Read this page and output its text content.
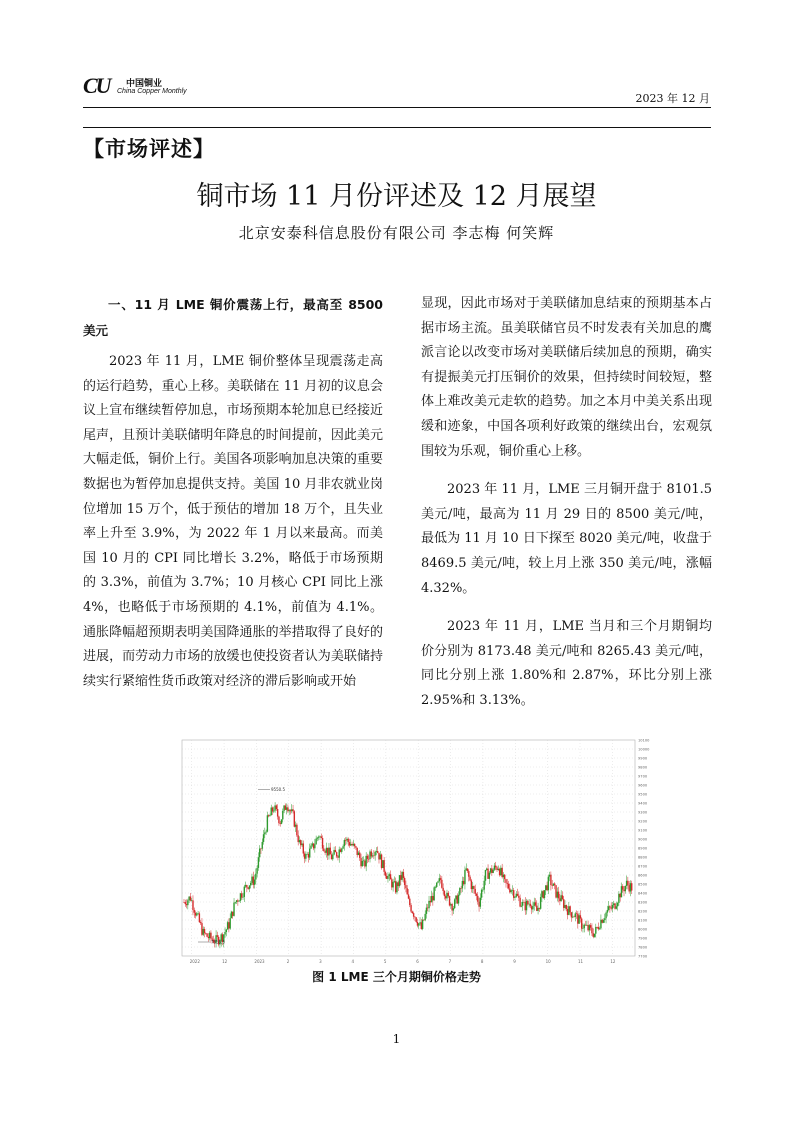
CU 中国铜业
China Copper Monthly
2023 年 12 月
【市场评述】
铜市场 11 月份评述及 12 月展望
北京安泰科信息股份有限公司 李志梅 何笑辉
一、11 月 LME 铜价震荡上行，最高至 8500 美元

2023 年 11 月，LME 铜价整体呈现震荡走高的运行趋势，重心上移。美联储在 11 月初的议息会议上宣布继续暂停加息，市场预期本轮加息已经接近尾声，且预计美联储明年降息的时间提前，因此美元大幅走低，铜价上行。美国各项影响加息决策的重要数据也为暂停加息提供支持。美国 10 月非农就业岗位增加 15 万个，低于预估的增加 18 万个，且失业率上升至 3.9%，为 2022 年 1 月以来最高。而美国 10 月的 CPI 同比增长 3.2%，略低于市场预期的 3.3%，前值为 3.7%；10 月核心 CPI 同比上涨 4%，也略低于市场预期的 4.1%，前值为 4.1%。通胀降幅超预期表明美国降通胀的举措取得了良好的进展，而劳动力市场的放缓也使投资者认为美联储持续实行紧缩性货币政策对经济的滞后影响或开始

显现，因此市场对于美联储加息结束的预期基本占据市场主流。虽美联储官员不时发表有关加息的鹰派言论以改变市场对美联储后续加息的预期，确实有提振美元打压铜价的效果，但持续时间较短，整体上难改美元走软的趋势。加之本月中美关系出现缓和迹象，中国各项利好政策的继续出台，宏观氛围较为乐观，铜价重心上移。

2023 年 11 月，LME 三月铜开盘于 8101.5 美元/吨，最高为 11 月 29 日的 8500 美元/吨，最低为 11 月 10 日下探至 8020 美元/吨，收盘于 8469.5 美元/吨，较上月上涨 350 美元/吨，涨幅 4.32%。

2023 年 11 月，LME 当月和三个月期铜均价分别为 8173.48 美元/吨和 8265.43 美元/吨，同比分别上涨 1.80%和 2.87%，环比分别上涨 2.95%和 3.13%。

10100
10000
9900
9800
9700
9600
9500
9400
9300
9200
9100
9000
8900
8800
8700
8600
8500
8400
8300
8200
8100
8000
7900
7800
7700
2022	12	2023	2	3	4	5	6	7	8	9	10	11	12
9550.5
7855.5
图 1 LME 三个月期铜价格走势
1
